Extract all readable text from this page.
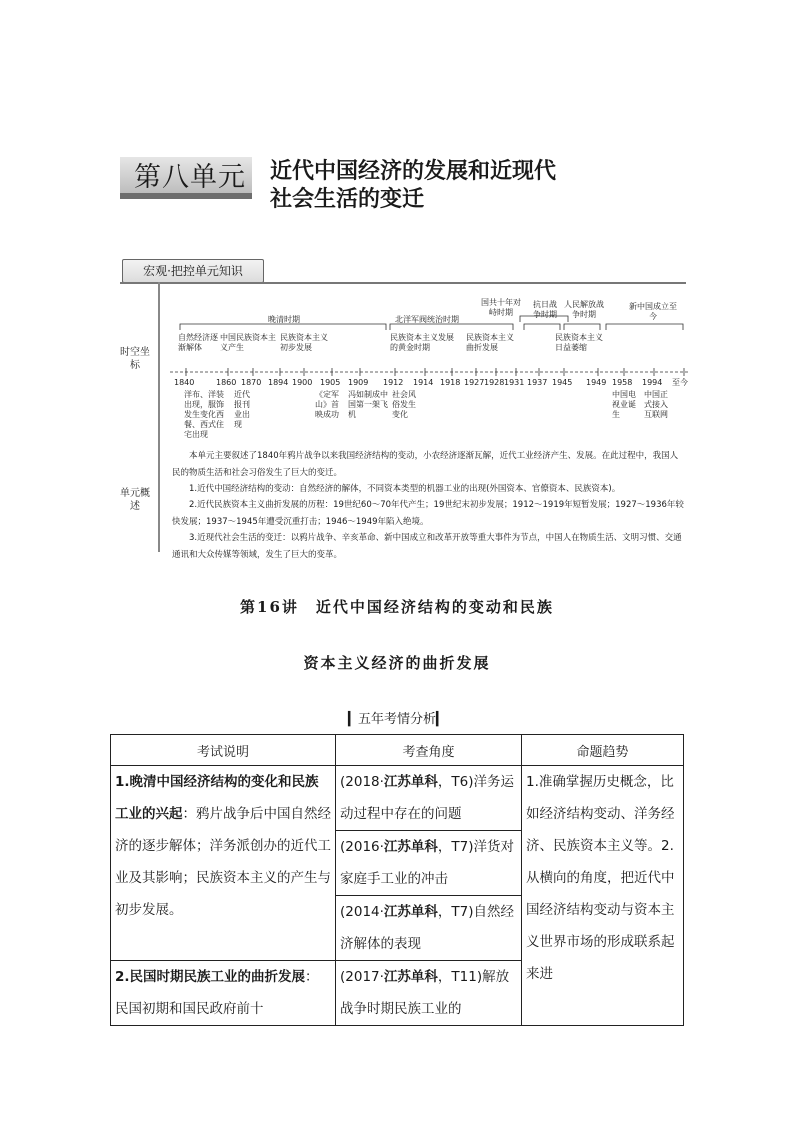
第八单元 近代中国经济的发展和近现代
社会生活的变迁
宏观·把控单元知识
时空坐标
单元概述
晚清时期	北洋军阀统治时期
国共十年对峙时期
抗日战争时期
人民解放战争时期
新中国成立至今
自然经济逐渐解体
中国民族资本主义产生
民族资本主义初步发展
民族资本主义发展的黄金时期
民族资本主义曲折发展
民族资本主义日益萎缩
1840	1860 1870 1894 1900 1905 1909 1912 1914 1918 1927 1928 1931 1937 1945 1949 1958 1994 至今
洋布、洋装出现，服饰发生变化西餐、西式住宅出现
近代报刊业出现
《定军山》首映成功
冯如制成中国第一架飞机
社会风俗发生变化
中国电视业诞生
中国正式接入互联网
本单元主要叙述了1840年鸦片战争以来我国经济结构的变动，小农经济逐渐瓦解，近代工业经济产生、发展。在此过程中，我国人民的物质生活和社会习俗发生了巨大的变迁。
1.近代中国经济结构的变动：自然经济的解体，不同资本类型的机器工业的出现(外国资本、官僚资本、民族资本)。
2.近代民族资本主义曲折发展的历程：19世纪60～70年代产生；19世纪末初步发展；1912～1919年短暂发展；1927～1936年较快发展；1937～1945年遭受沉重打击；1946～1949年陷入绝境。
3.近现代社会生活的变迁：以鸦片战争、辛亥革命、新中国成立和改革开放等重大事件为节点，中国人在物质生活、文明习惯、交通通讯和大众传媒等领域，发生了巨大的变革。
第16讲　近代中国经济结构的变动和民族
资本主义经济的曲折发展
▎五年考情分析▎
考试说明	考查角度	命题趋势

1.晚清中国经济结构的变化和民族工业的兴起：鸦片战争后中国自然经济的逐步解体；洋务派创办的近代工业及其影响；民族资本主义的产生与初步发展。	(2018·江苏单科，T6)洋务运动过程中存在的问题	1.准确掌握历史概念，比如经济结构变动、洋务经济、民族资本主义等。2.从横向的角度，把近代中国经济结构变动与资本主义世界市场的形成联系起来进

	(2016·江苏单科，T7)洋货对家庭手工业的冲击	

	(2014·江苏单科，T7)自然经济解体的表现	

2.民国时期民族工业的曲折发展：民国初期和国民政府前十	(2017·江苏单科，T11)解放战争时期民族工业的	
